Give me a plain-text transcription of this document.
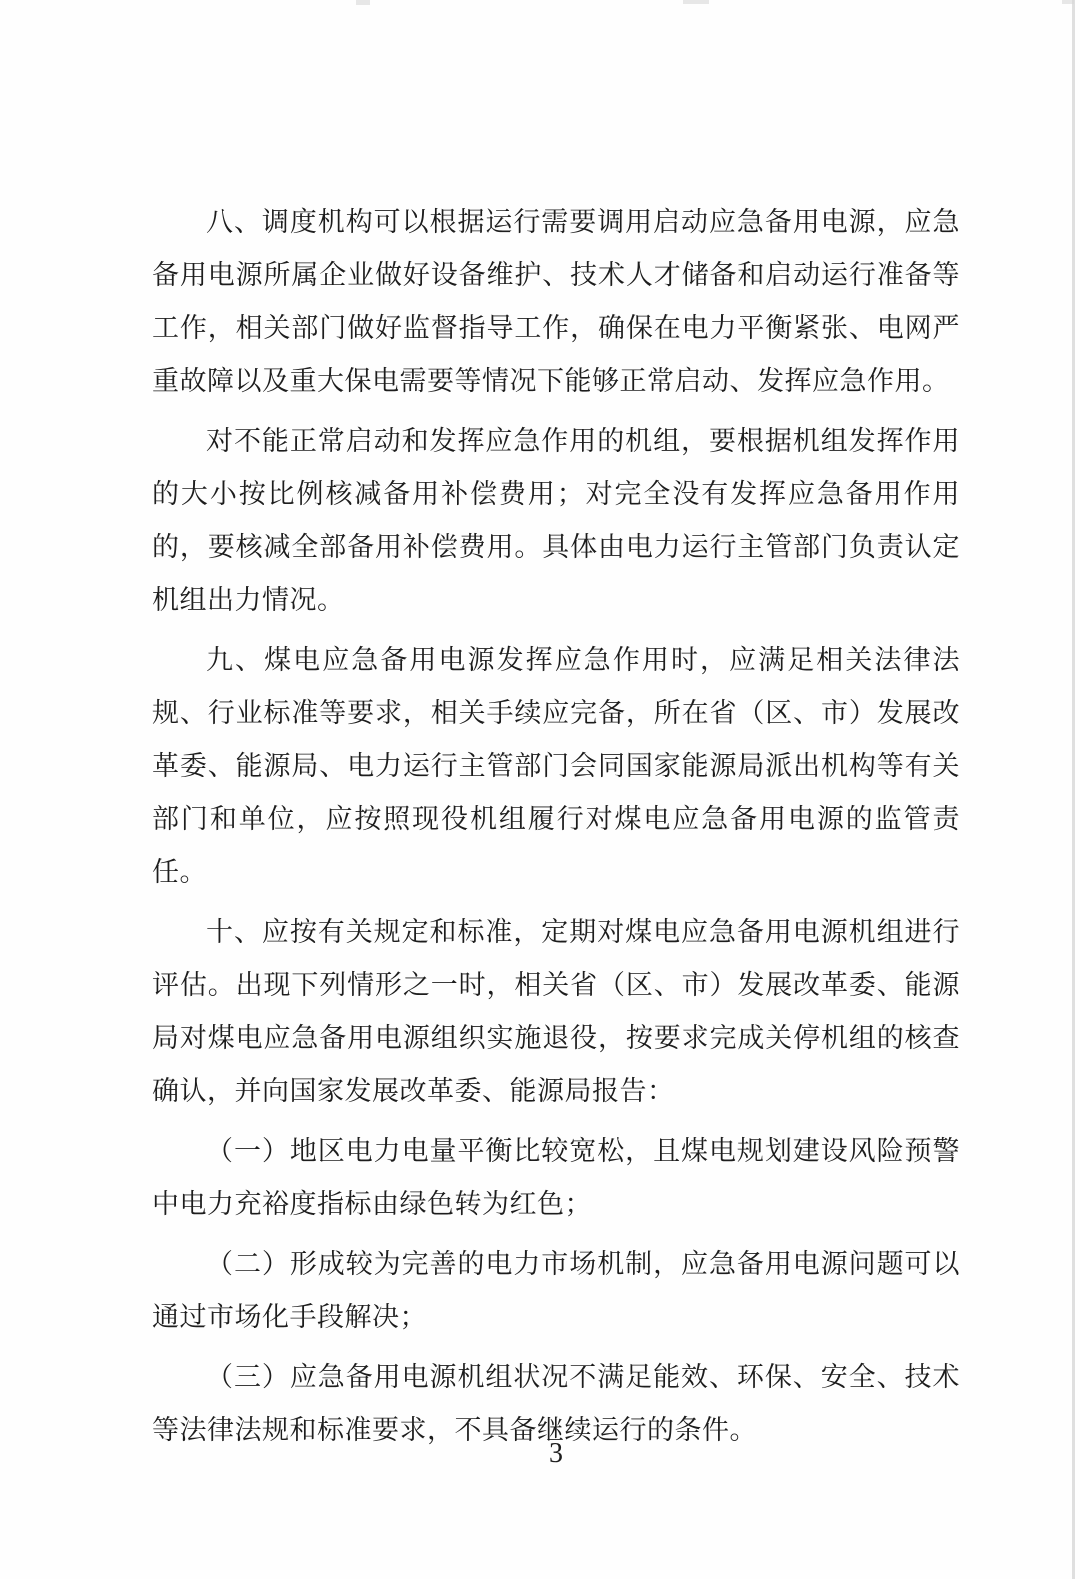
八、调度机构可以根据运行需要调用启动应急备用电源，应急备用电源所属企业做好设备维护、技术人才储备和启动运行准备等工作，相关部门做好监督指导工作，确保在电力平衡紧张、电网严重故障以及重大保电需要等情况下能够正常启动、发挥应急作用。

对不能正常启动和发挥应急作用的机组，要根据机组发挥作用的大小按比例核减备用补偿费用；对完全没有发挥应急备用作用的，要核减全部备用补偿费用。具体由电力运行主管部门负责认定机组出力情况。

九、煤电应急备用电源发挥应急作用时，应满足相关法律法规、行业标准等要求，相关手续应完备，所在省（区、市）发展改革委、能源局、电力运行主管部门会同国家能源局派出机构等有关部门和单位，应按照现役机组履行对煤电应急备用电源的监管责任。

十、应按有关规定和标准，定期对煤电应急备用电源机组进行评估。出现下列情形之一时，相关省（区、市）发展改革委、能源局对煤电应急备用电源组织实施退役，按要求完成关停机组的核查确认，并向国家发展改革委、能源局报告：

（一）地区电力电量平衡比较宽松，且煤电规划建设风险预警中电力充裕度指标由绿色转为红色；

（二）形成较为完善的电力市场机制，应急备用电源问题可以通过市场化手段解决；

（三）应急备用电源机组状况不满足能效、环保、安全、技术等法律法规和标准要求，不具备继续运行的条件。

3
